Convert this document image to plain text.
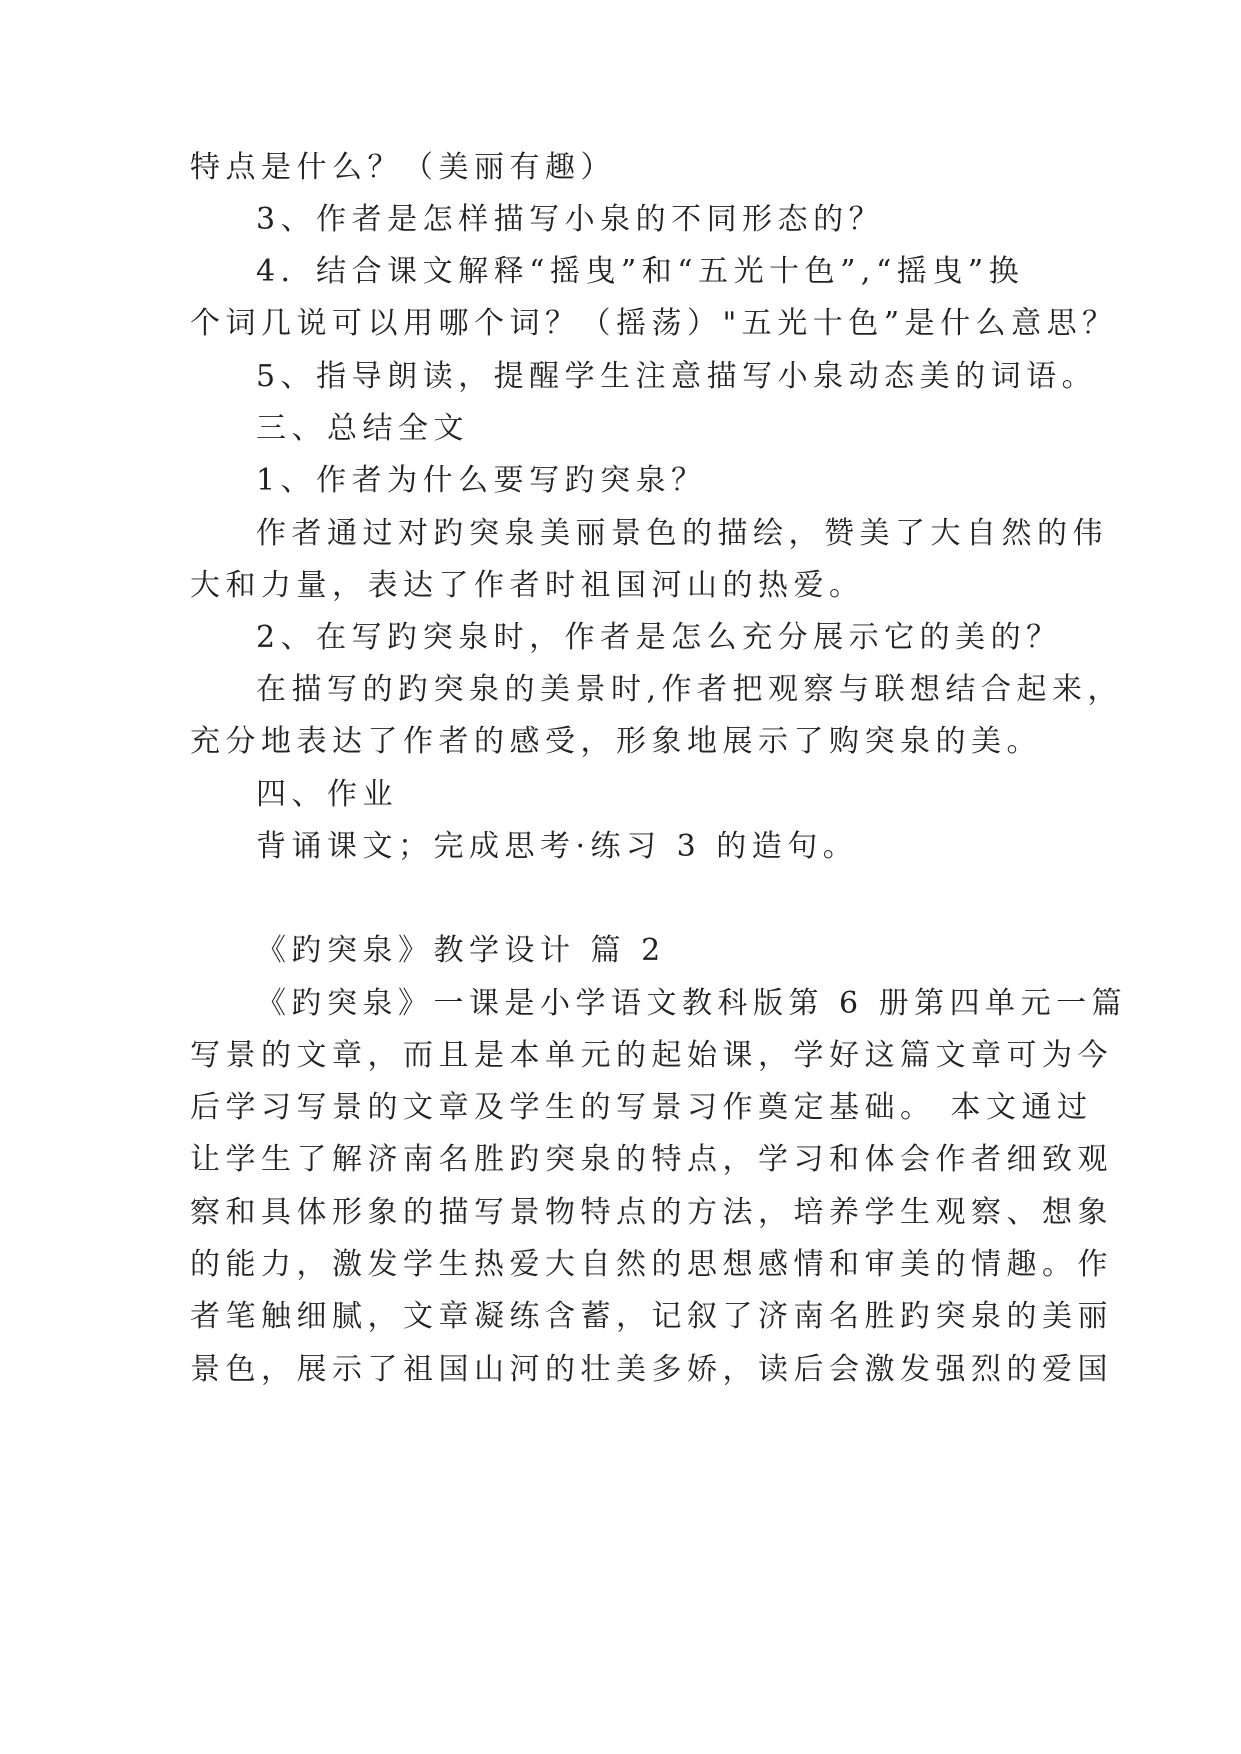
特点是什么？（美丽有趣）
3、作者是怎样描写小泉的不同形态的？
4．结合课文解释“摇曳”和“五光十色”,“摇曳”换
个词几说可以用哪个词？（摇荡）"五光十色”是什么意思？
5、指导朗读，提醒学生注意描写小泉动态美的词语。
三、总结全文
1、作者为什么要写趵突泉？
作者通过对趵突泉美丽景色的描绘，赞美了大自然的伟
大和力量，表达了作者时祖国河山的热爱。
2、在写趵突泉时，作者是怎么充分展示它的美的？
在描写的趵突泉的美景时,作者把观察与联想结合起来，
充分地表达了作者的感受，形象地展示了购突泉的美。
四、作业
背诵课文；完成思考·练习 3 的造句。
《趵突泉》教学设计 篇 2
《趵突泉》一课是小学语文教科版第 6 册第四单元一篇
写景的文章，而且是本单元的起始课，学好这篇文章可为今
后学习写景的文章及学生的写景习作奠定基础。 本文通过
让学生了解济南名胜趵突泉的特点，学习和体会作者细致观
察和具体形象的描写景物特点的方法，培养学生观察、想象
的能力，激发学生热爱大自然的思想感情和审美的情趣。作
者笔触细腻，文章凝练含蓄，记叙了济南名胜趵突泉的美丽
景色，展示了祖国山河的壮美多娇，读后会激发强烈的爱国
